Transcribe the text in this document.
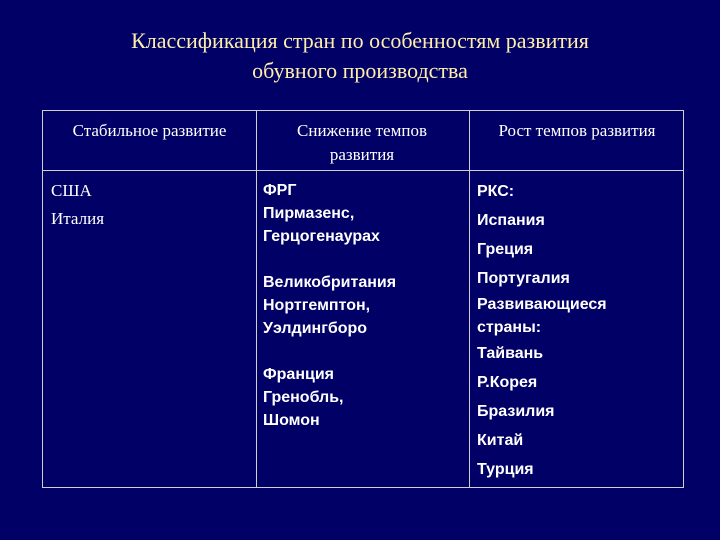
Классификация стран по особенностям развития
обувного производства
Стабильное развитие	Снижение темпов развития
Рост темпов развития
США
Италия
ФРГ
Пирмазенс,
Герцогенаурах
Великобритания
Нортгемптон,
Уэлдингборо
Франция
Гренобль,
Шомон
РКС:
Испания
Греция
Португалия
Развивающиеся
страны:
Тайвань
Р.Корея
Бразилия
Китай
Турция
